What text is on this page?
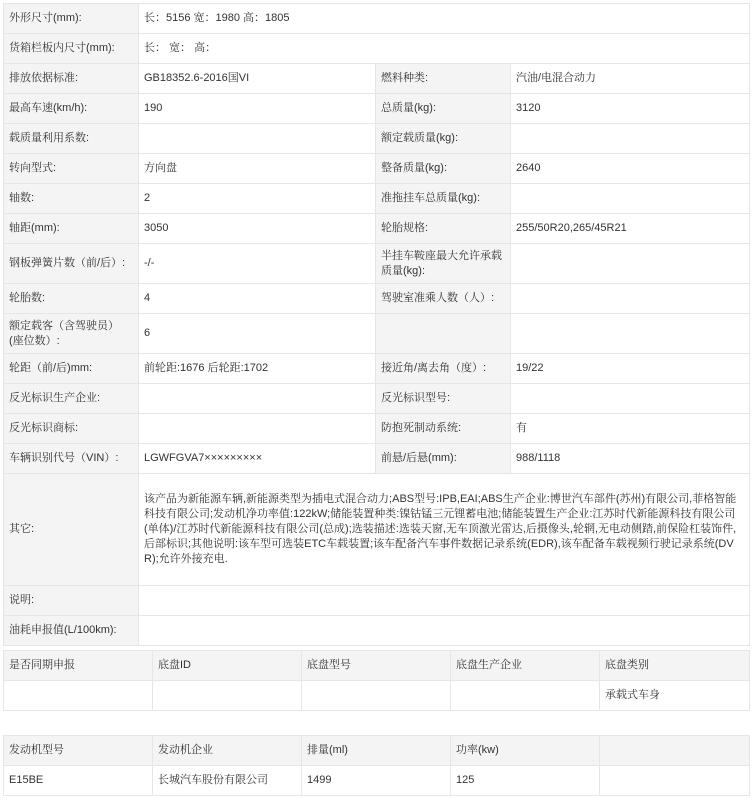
外形尺寸(mm):	长：5156 宽：1980 高：1805		
货箱栏板内尺寸(mm):	长： 宽： 高：		
排放依据标准:	GB18352.6-2016国VI	燃料种类:	汽油/电混合动力
最高车速(km/h):	190	总质量(kg):	3120
载质量利用系数:		额定载质量(kg):	
转向型式:	方向盘	整备质量(kg):	2640
轴数:	2	准拖挂车总质量(kg):	
轴距(mm):	3050	轮胎规格:	255/50R20,265/45R21
钢板弹簧片数（前/后）:	-/-	半挂车鞍座最大允许承载质量(kg):	
轮胎数:	4	驾驶室准乘人数（人）:	
额定载客（含驾驶员）(座位数）:	6		
轮距（前/后)mm:	前轮距:1676 后轮距:1702	接近角/离去角（度）:	19/22
反光标识生产企业:		反光标识型号:	
反光标识商标:		防抱死制动系统:	有
车辆识别代号（VIN）:	LGWFGVA7×××××××××	前悬/后悬(mm):	988/1118
其它:	该产品为新能源车辆,新能源类型为插电式混合动力;ABS型号:IPB,EAI;ABS生产企业:博世汽车部件(苏州)有限公司,菲格智能科技有限公司;发动机净功率值:122kW;储能装置种类:镍钴锰三元锂蓄电池;储能装置生产企业:江苏时代新能源科技有限公司(单体)/江苏时代新能源科技有限公司(总成);选装描述:选装天窗,无车顶激光雷达,后摄像头,轮辋,无电动侧踏,前保险杠装饰件,后部标识;其他说明:该车型可选装ETC车载装置;该车配备汽车事件数据记录系统(EDR),该车配备车载视频行驶记录系统(DVR);允许外接充电.		
说明:			
油耗申报值(L/100km):			
是否同期申报	底盘ID	底盘型号	底盘生产企业	底盘类别
				承载式车身
发动机型号	发动机企业	排量(ml)	功率(kw)	
E15BE	长城汽车股份有限公司	1499	125	
